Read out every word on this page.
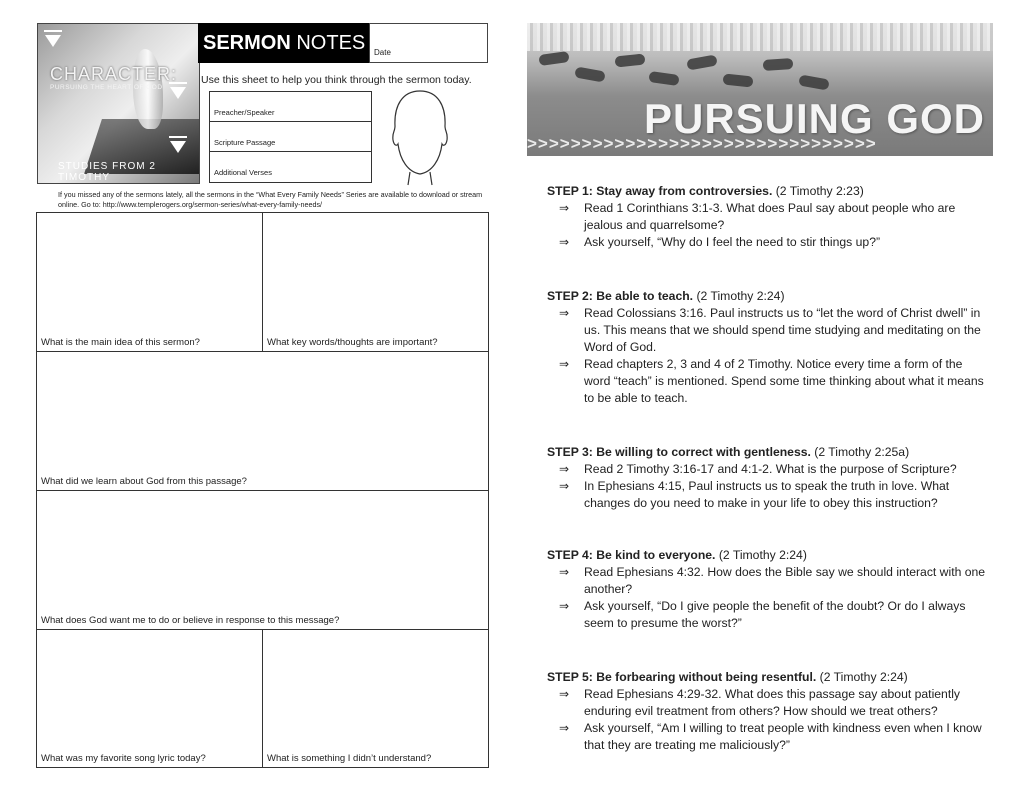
CHARACTER:
PURSUING THE HEART OF GOD
STUDIES FROM 2 TIMOTHY
SERMON NOTES	Date
Use this sheet to help you think through the sermon today.
Preacher/Speaker
Scripture Passage
Additional Verses
If you missed any of the sermons lately, all the sermons in the “What Every Family Needs” Series are available to download or stream online. Go to: http://www.templerogers.org/sermon-series/what-every-family-needs/
What is the main idea of this sermon?	What key words/thoughts are important?
What did we learn about God from this passage?
What does God want me to do or believe in response to this message?
What was my favorite song lyric today?	What is something I didn’t understand?
PURSUING GOD
>>>>>>>>>>>>>>>>>>>>>>>>>>>>>>>>
STEP 1: Stay away from controversies. (2 Timothy 2:23)
⇒ Read 1 Corinthians 3:1-3. What does Paul say about people who are jealous and quarrelsome?
⇒ Ask yourself, “Why do I feel the need to stir things up?”
STEP 2: Be able to teach. (2 Timothy 2:24)
⇒ Read Colossians 3:16. Paul instructs us to “let the word of Christ dwell” in us. This means that we should spend time studying and meditating on the Word of God.
⇒ Read chapters 2, 3 and 4 of 2 Timothy. Notice every time a form of the word “teach” is mentioned. Spend some time thinking about what it means to be able to teach.
STEP 3: Be willing to correct with gentleness. (2 Timothy 2:25a)
⇒ Read 2 Timothy 3:16-17 and 4:1-2. What is the purpose of Scripture?
⇒ In Ephesians 4:15, Paul instructs us to speak the truth in love. What changes do you need to make in your life to obey this instruction?
STEP 4: Be kind to everyone. (2 Timothy 2:24)
⇒ Read Ephesians 4:32. How does the Bible say we should interact with one another?
⇒ Ask yourself, “Do I give people the benefit of the doubt? Or do I always seem to presume the worst?”
STEP 5: Be forbearing without being resentful. (2 Timothy 2:24)
⇒ Read Ephesians 4:29-32. What does this passage say about patiently enduring evil treatment from others? How should we treat others?
⇒ Ask yourself, “Am I willing to treat people with kindness even when I know that they are treating me maliciously?”
